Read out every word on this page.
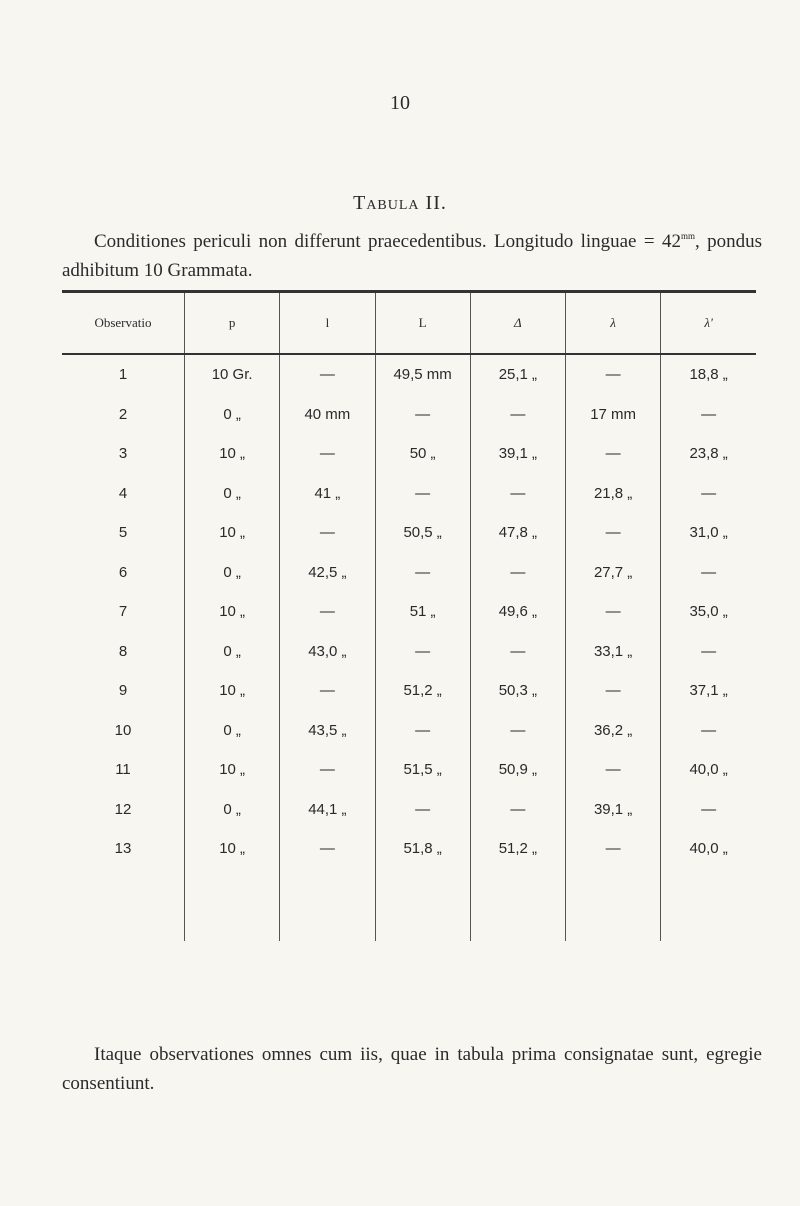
10
Tabula II.

Conditiones periculi non differunt praecedentibus. Longitudo linguae = $42^{mm}$, pondus adhibitum 10 Grammata.

Observatio	p	l	L	Δ	λ	λ'
1	10 Gr.	—	49,5 mm	25,1 „	—	18,8 „
2	0 „	40 mm	—	—	17 mm	—
3	10 „	—	50 „	39,1 „	—	23,8 „
4	0 „	41 „	—	—	21,8 „	—
5	10 „	—	50,5 „	47,8 „	—	31,0 „
6	0 „	42,5 „	—	—	27,7 „	—
7	10 „	—	51 „	49,6 „	—	35,0 „
8	0 „	43,0 „	—	—	33,1 „	—
9	10 „	—	51,2 „	50,3 „	—	37,1 „
10	0 „	43,5 „	—	—	36,2 „	—
11	10 „	—	51,5 „	50,9 „	—	40,0 „
12	0 „	44,1 „	—	—	39,1 „	—
13	10 „	—	51,8 „	51,2 „	—	40,0 „

Itaque observationes omnes cum iis, quae in tabula prima consignatae sunt, egregie consentiunt.
